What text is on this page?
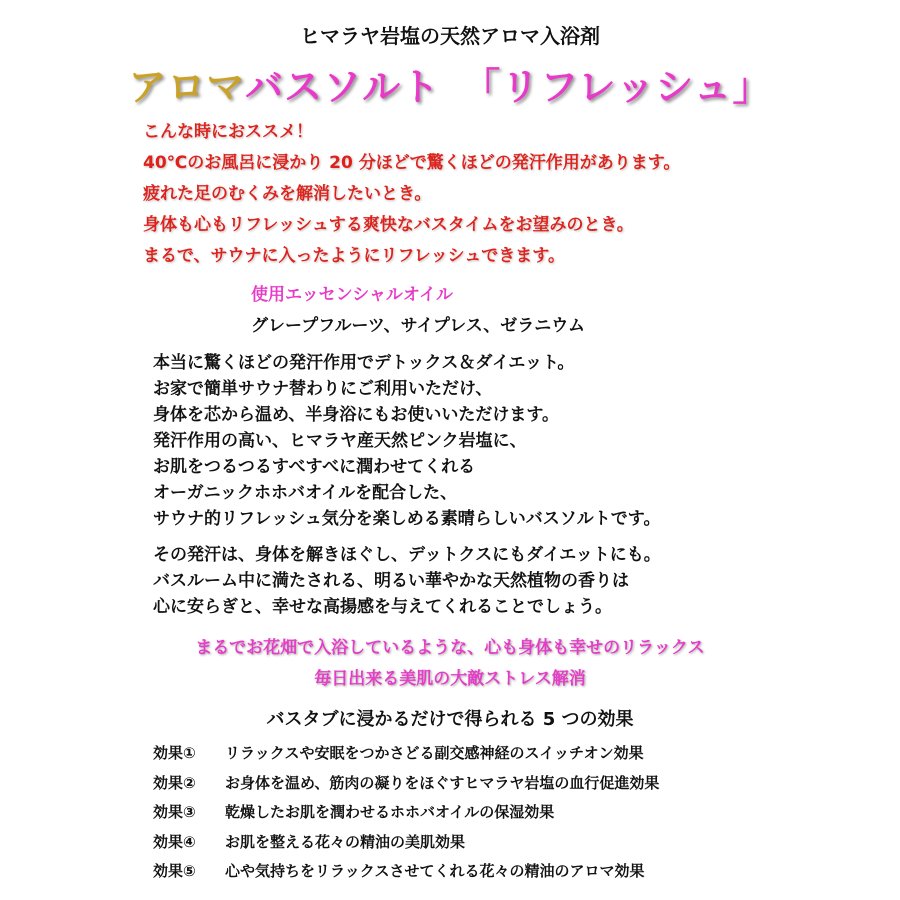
ヒマラヤ岩塩の天然アロマ入浴剤
アロマバスソルト 「リフレッシュ」
こんな時におススメ！
40℃のお風呂に浸かり 20 分ほどで驚くほどの発汗作用があります。
疲れた足のむくみを解消したいとき。
身体も心もリフレッシュする爽快なバスタイムをお望みのとき。
まるで、サウナに入ったようにリフレッシュできます。
使用エッセンシャルオイル
グレープフルーツ、サイプレス、ゼラニウム
本当に驚くほどの発汗作用でデトックス＆ダイエット。
お家で簡単サウナ替わりにご利用いただけ、
身体を芯から温め、半身浴にもお使いいただけます。
発汗作用の高い、ヒマラヤ産天然ピンク岩塩に、
お肌をつるつるすべすべに潤わせてくれる
オーガニックホホバオイルを配合した、
サウナ的リフレッシュ気分を楽しめる素晴らしいバスソルトです。
その発汗は、身体を解きほぐし、デットクスにもダイエットにも。
バスルーム中に満たされる、明るい華やかな天然植物の香りは
心に安らぎと、幸せな高揚感を与えてくれることでしょう。
まるでお花畑で入浴しているような、心も身体も幸せのリラックス
毎日出来る美肌の大敵ストレス解消
バスタブに浸かるだけで得られる 5 つの効果
効果① リラックスや安眠をつかさどる副交感神経のスイッチオン効果
効果② お身体を温め、筋肉の凝りをほぐすヒマラヤ岩塩の血行促進効果
効果③ 乾燥したお肌を潤わせるホホバオイルの保湿効果
効果④ お肌を整える花々の精油の美肌効果
効果⑤ 心や気持ちをリラックスさせてくれる花々の精油のアロマ効果
